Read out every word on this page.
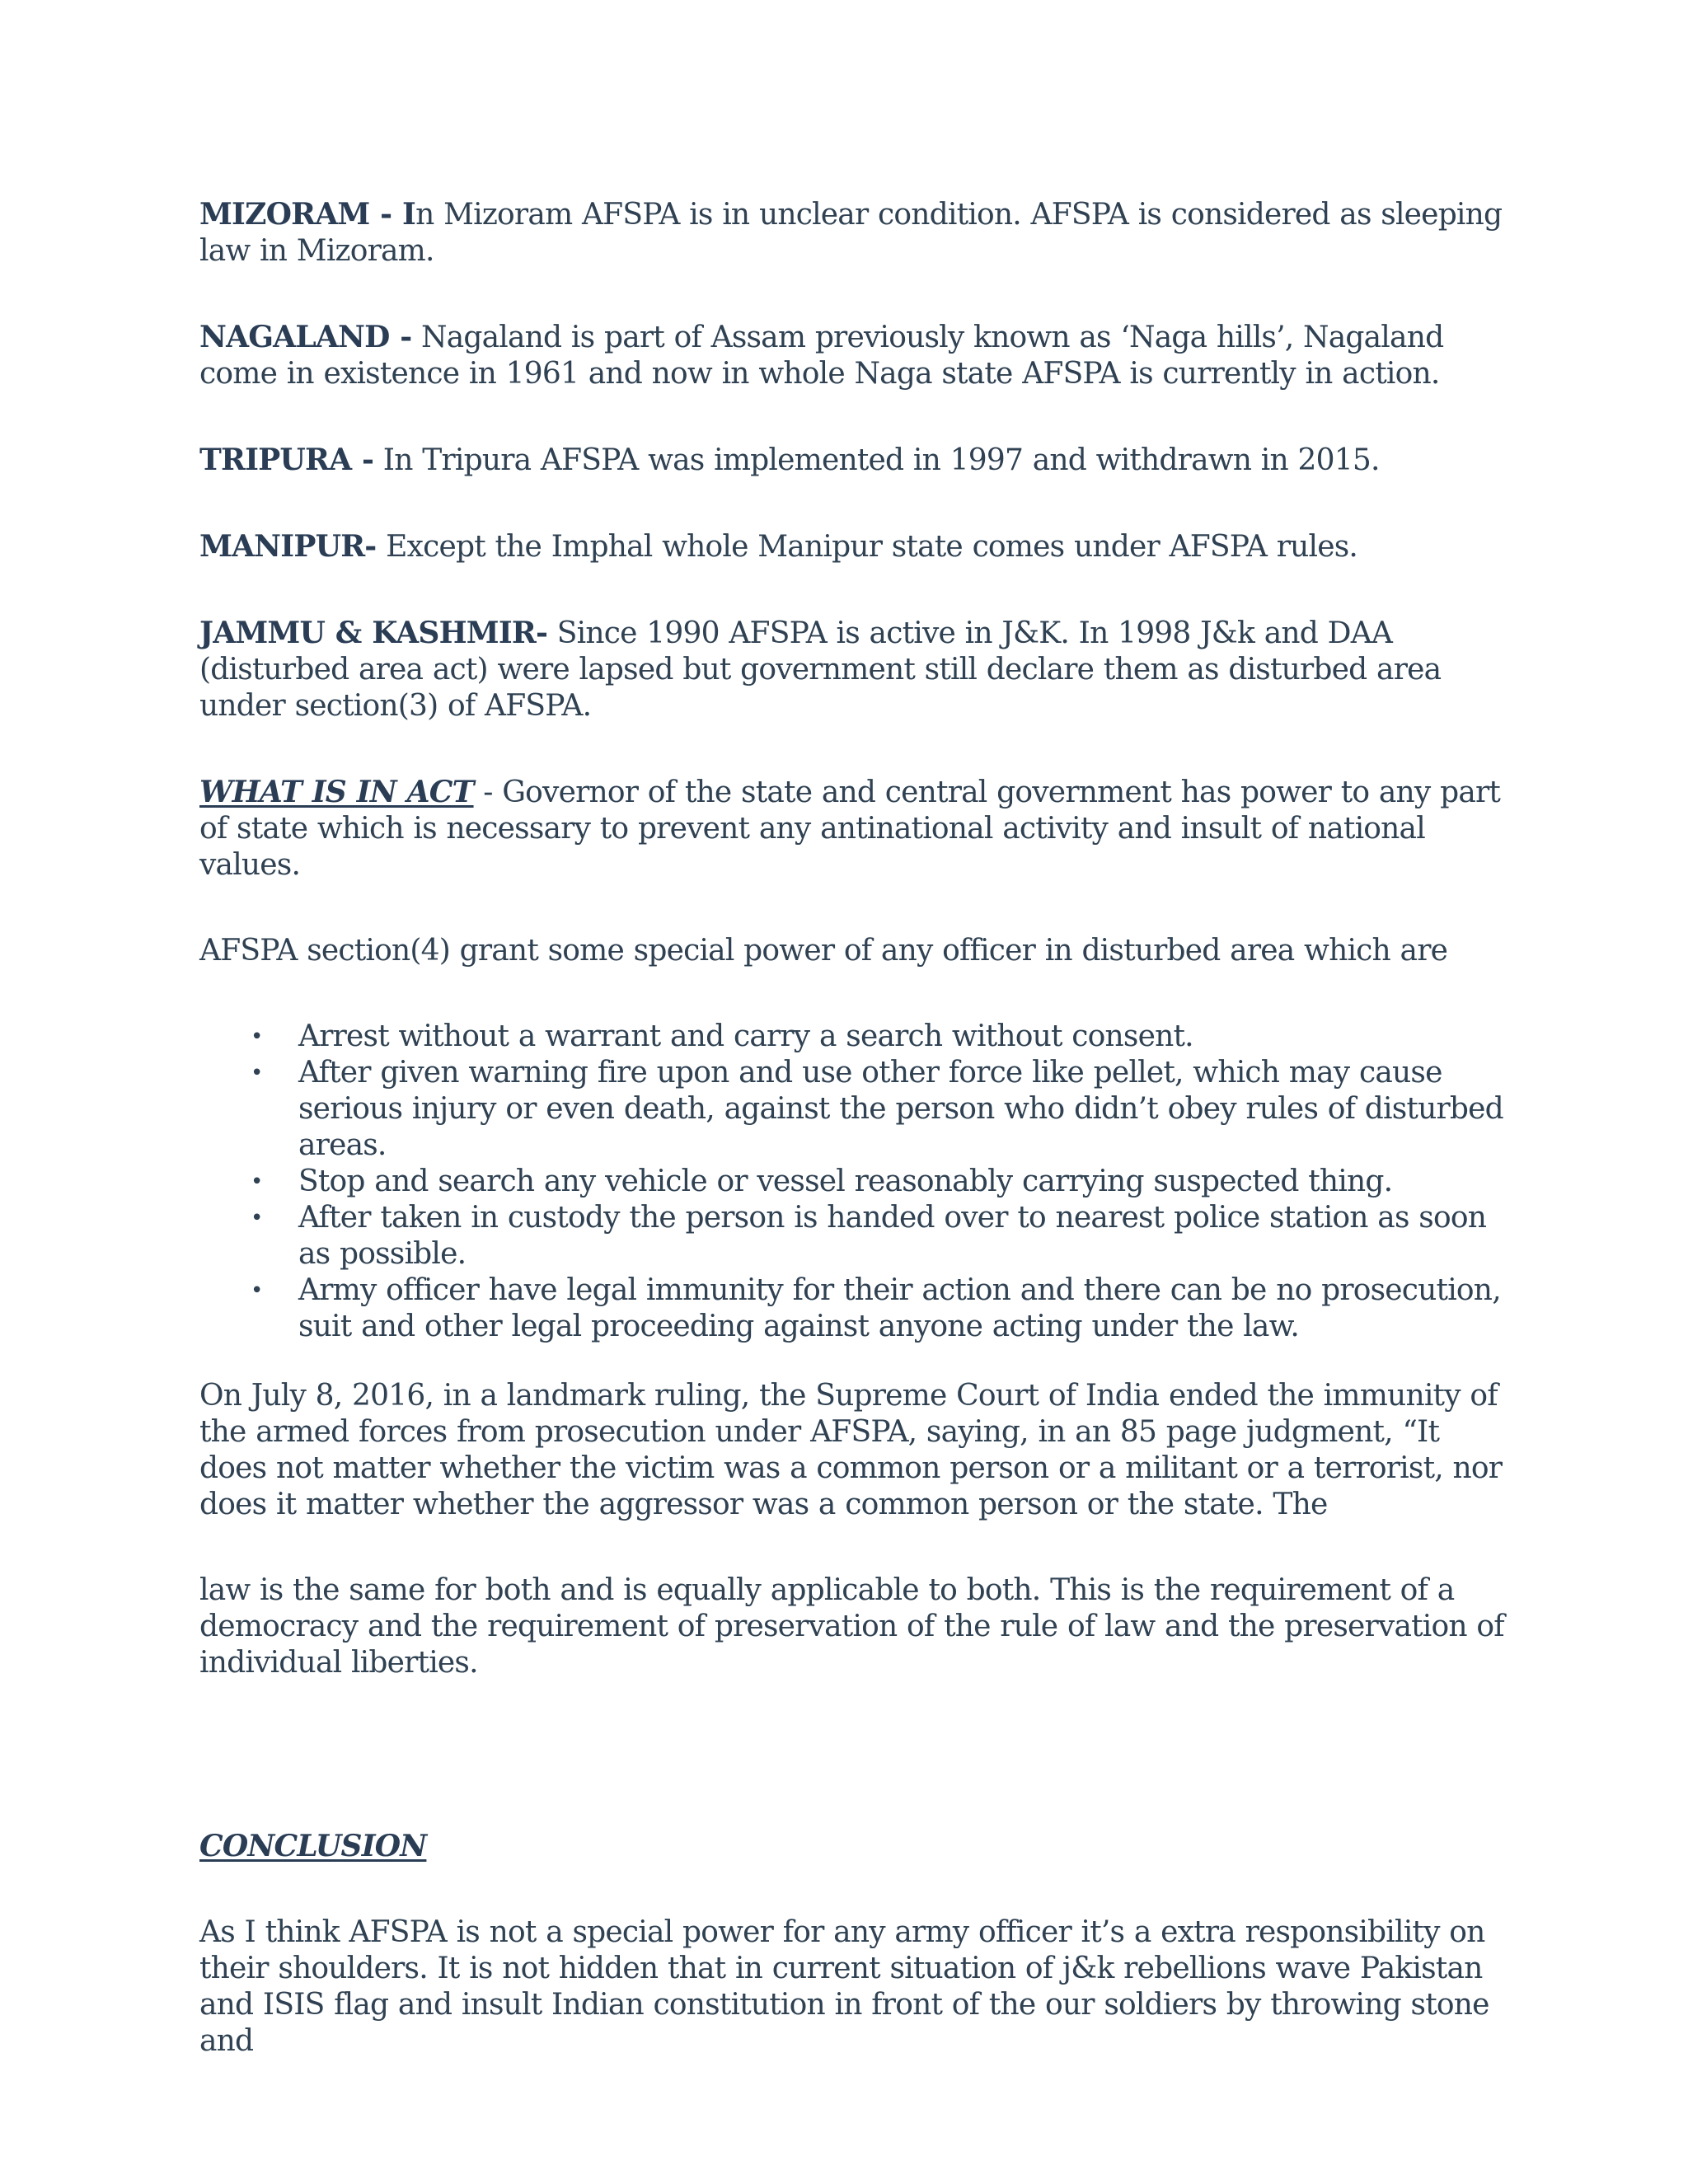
MIZORAM - In Mizoram AFSPA is in unclear condition. AFSPA is considered as sleeping law in Mizoram.

NAGALAND - Nagaland is part of Assam previously known as ‘Naga hills’, Nagaland come in existence in 1961 and now in whole Naga state AFSPA is currently in action.

TRIPURA - In Tripura AFSPA was implemented in 1997 and withdrawn in 2015.

MANIPUR- Except the Imphal whole Manipur state comes under AFSPA rules.

JAMMU & KASHMIR- Since 1990 AFSPA is active in J&K. In 1998 J&k and DAA (disturbed area act) were lapsed but government still declare them as disturbed area under section(3) of AFSPA.

WHAT IS IN ACT - Governor of the state and central government has power to any part of state which is necessary to prevent any antinational activity and insult of national values.

AFSPA section(4) grant some special power of any officer in disturbed area which are

• Arrest without a warrant and carry a search without consent.
• After given warning fire upon and use other force like pellet, which may cause serious injury or even death, against the person who didn’t obey rules of disturbed areas.
• Stop and search any vehicle or vessel reasonably carrying suspected thing.
• After taken in custody the person is handed over to nearest police station as soon as possible.
• Army officer have legal immunity for their action and there can be no prosecution, suit and other legal proceeding against anyone acting under the law.

On July 8, 2016, in a landmark ruling, the Supreme Court of India ended the immunity of the armed forces from prosecution under AFSPA, saying, in an 85 page judgment, “It does not matter whether the victim was a common person or a militant or a terrorist, nor does it matter whether the aggressor was a common person or the state. The

law is the same for both and is equally applicable to both. This is the requirement of a democracy and the requirement of preservation of the rule of law and the preservation of individual liberties.

CONCLUSION

As I think AFSPA is not a special power for any army officer it’s a extra responsibility on their shoulders. It is not hidden that in current situation of j&k rebellions wave Pakistan and ISIS flag and insult Indian constitution in front of the our soldiers by throwing stone and
